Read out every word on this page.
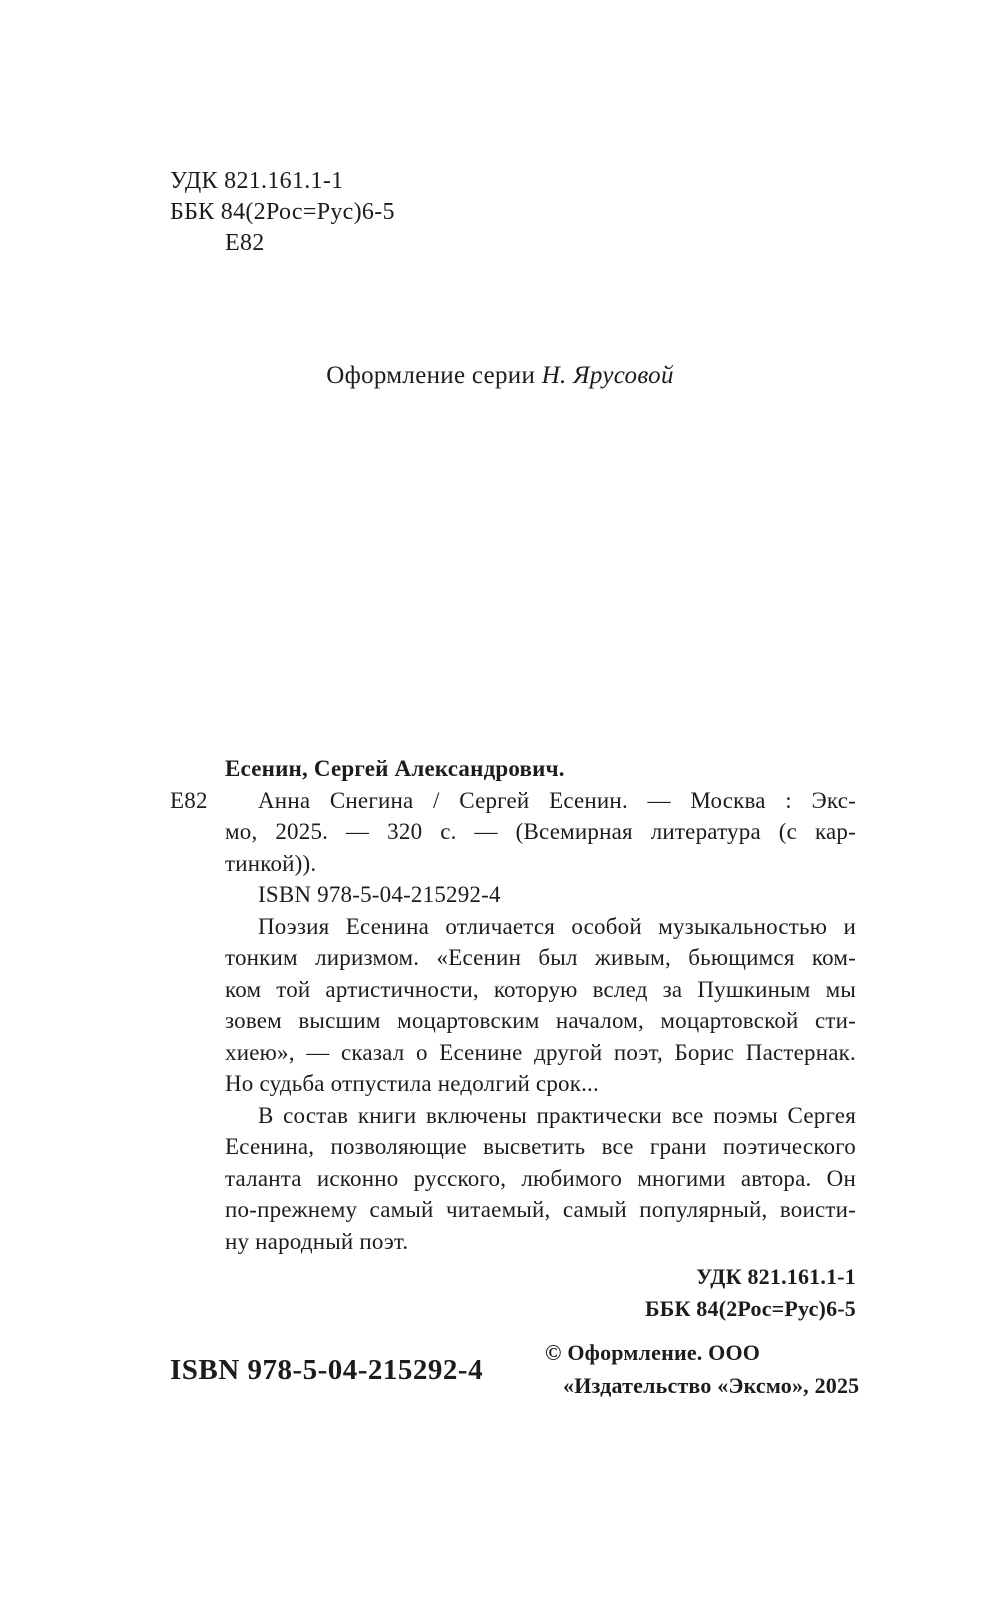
УДК 821.161.1-1
ББК 84(2Рос=Рус)6-5
Е82
Оформление серии Н. Ярусовой
Е82
Есенин, Сергей Александрович.
Анна Снегина / Сергей Есенин. — Москва : Экс-
мо, 2025. — 320 с. — (Всемирная литература (с кар-
тинкой)).
ISBN 978-5-04-215292-4
Поэзия Есенина отличается особой музыкальностью и
тонким лиризмом. «Есенин был живым, бьющимся ком-
ком той артистичности, которую вслед за Пушкиным мы
зовем высшим моцартовским началом, моцартовской сти-
хиею», — сказал о Есенине другой поэт, Борис Пастернак.
Но судьба отпустила недолгий срок...
В состав книги включены практически все поэмы Сергея
Есенина, позволяющие высветить все грани поэтического
таланта исконно русского, любимого многими автора. Он
по-прежнему самый читаемый, самый популярный, воисти-
ну народный поэт.
УДК 821.161.1-1
ББК 84(2Рос=Рус)6-5
ISBN 978-5-04-215292-4
© Оформление. ООО
«Издательство «Эксмо», 2025
